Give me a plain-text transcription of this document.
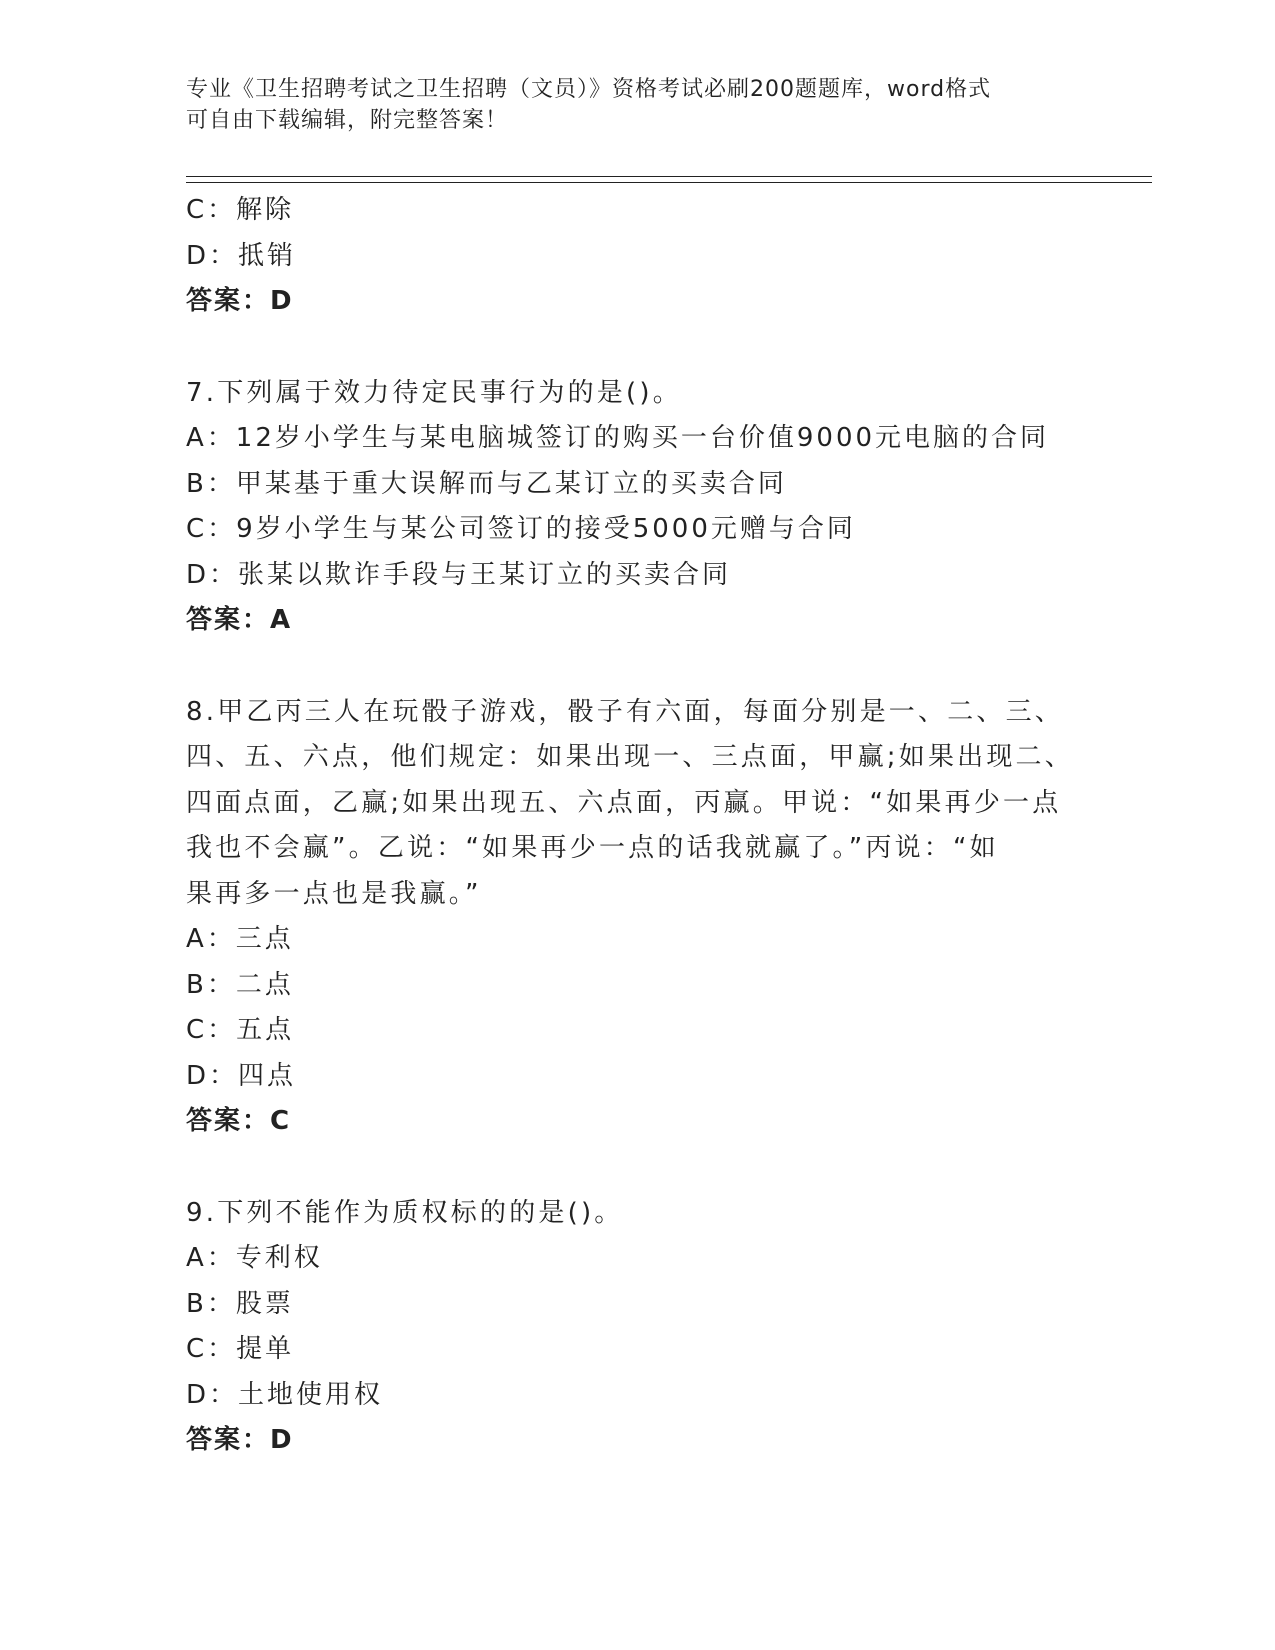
专业《卫生招聘考试之卫生招聘（文员）》资格考试必刷200题题库，word格式
可自由下载编辑，附完整答案！
C：解除
D：抵销
答案：D
7.下列属于效力待定民事行为的是()。
A：12岁小学生与某电脑城签订的购买一台价值9000元电脑的合同
B：甲某基于重大误解而与乙某订立的买卖合同
C：9岁小学生与某公司签订的接受5000元赠与合同
D：张某以欺诈手段与王某订立的买卖合同
答案：A
8.甲乙丙三人在玩骰子游戏，骰子有六面，每面分别是一、二、三、
四、五、六点，他们规定：如果出现一、三点面，甲赢;如果出现二、
四面点面，乙赢;如果出现五、六点面，丙赢。甲说：“如果再少一点
我也不会赢”。乙说：“如果再少一点的话我就赢了。”丙说：“如
果再多一点也是我赢。”
A：三点
B：二点
C：五点
D：四点
答案：C
9.下列不能作为质权标的的是()。
A：专利权
B：股票
C：提单
D：土地使用权
答案：D
